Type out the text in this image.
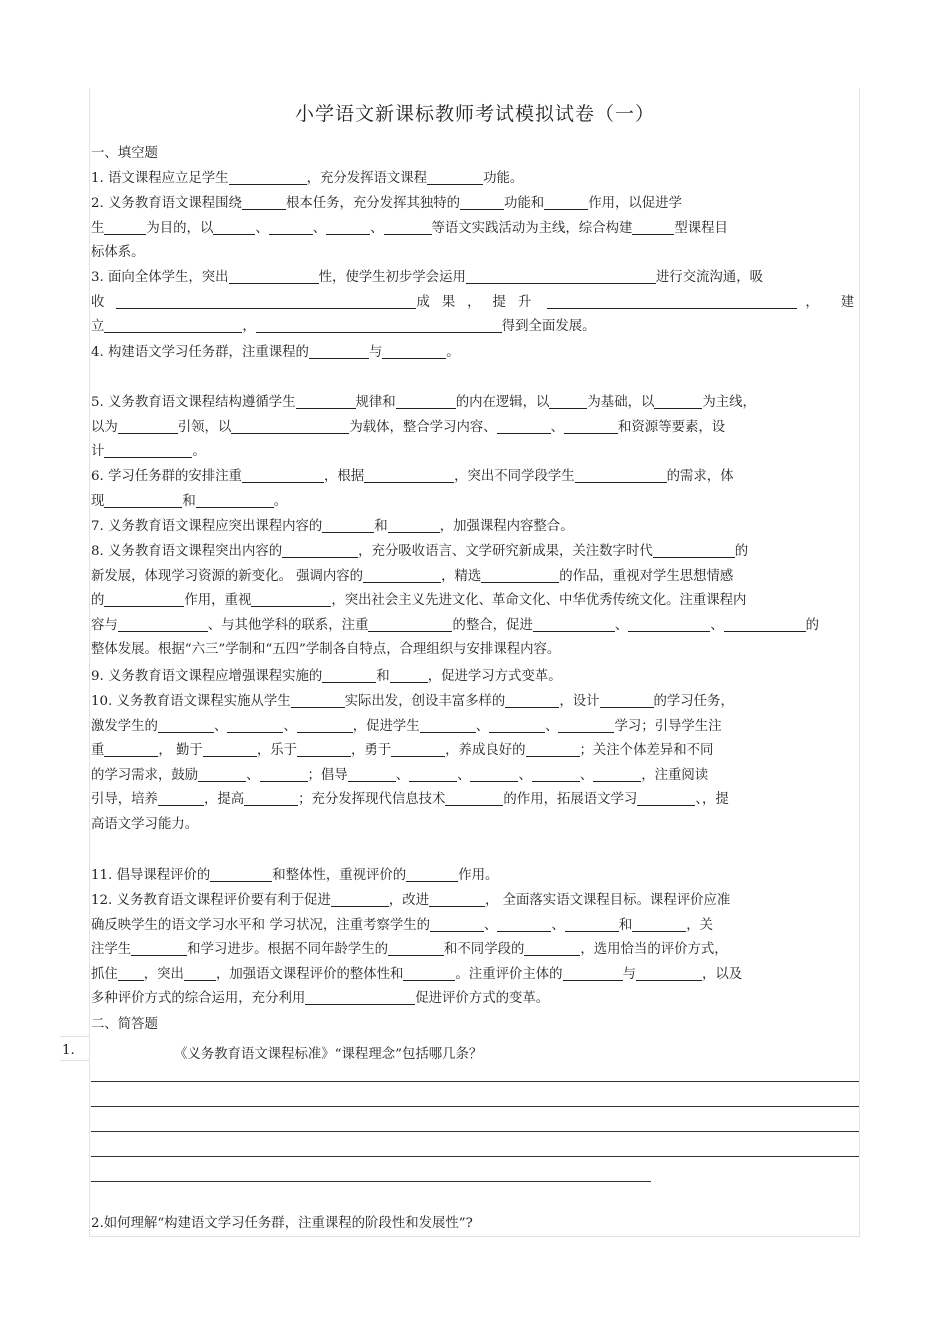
小学语文新课标教师考试模拟试卷（一）
一、填空题
1. 语文课程应立足学生	，充分发挥语文课程	功能。
2. 义务教育语文课程围绕	根本任务，充分发挥其独特的	功能和	作用，以促进学
生	为目的，以	、	、	、	等语文实践活动为主线，综合构建	型课程目
标体系。
3. 面向全体学生，突出	性，使学生初步学会运用	进行交流沟通，吸
收	成果，提升	，建
立	，	得到全面发展。
4. 构建语文学习任务群，注重课程的	与	。
5. 义务教育语文课程结构遵循学生	规律和	的内在逻辑，以	为基础，以	为主线，
以为	引领，以	为载体，整合学习内容、	、	和资源等要素，设
计	。
6. 学习任务群的安排注重	，根据	，突出不同学段学生	的需求，体
现	和	。
7. 义务教育语文课程应突出课程内容的	和	，加强课程内容整合。
8. 义务教育语文课程突出内容的	，充分吸收语言、文学研究新成果，关注数字时代	的
新发展，体现学习资源的新变化。 强调内容的	，精选	的作品，重视对学生思想情感
的	作用，重视	，突出社会主义先进文化、革命文化、中华优秀传统文化。注重课程内
容与	、与其他学科的联系，注重	的整合，促进	、	、	的
整体发展。根据“六三”学制和“五四”学制各自特点，合理组织与安排课程内容。
9. 义务教育语文课程应增强课程实施的	和	，促进学习方式变革。
10. 义务教育语文课程实施从学生	实际出发，创设丰富多样的	，设计	的学习任务，
激发学生的	、	、	，促进学生	、	、	学习；引导学生注
重	， 勤于	，乐于	，勇于	，养成良好的	；关注个体差异和不同
的学习需求，鼓励	、	；倡导	、	、	、	、	，注重阅读
引导，培养	，提高	；充分发挥现代信息技术	的作用，拓展语文学习	、，提
高语文学习能力。
11. 倡导课程评价的	和整体性，重视评价的	作用。
12. 义务教育语文课程评价要有利于促进	，改进	， 全面落实语文课程目标。课程评价应准
确反映学生的语文学习水平和 学习状况，注重考察学生的	、	、	和	，关
注学生	和学习进步。根据不同年龄学生的	和不同学段的	，选用恰当的评价方式，
抓住 ，突出 ，加强语文课程评价的整体性和	。注重评价主体的	与	，以及
多种评价方式的综合运用，充分利用	促进评价方式的变革。
二、简答题
1.	《义务教育语文课程标准》“课程理念”包括哪几条？
2.如何理解“构建语文学习任务群，注重课程的阶段性和发展性”?
